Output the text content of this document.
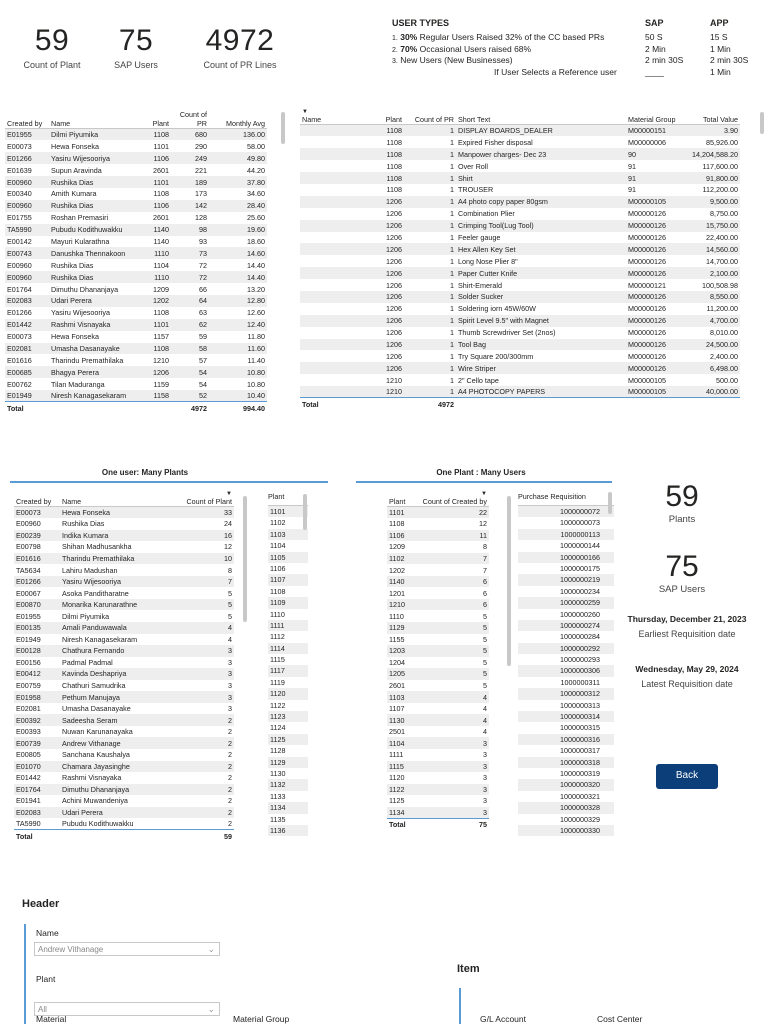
59
Count of Plant
75
SAP Users
4972
Count of PR Lines
USER TYPES	SAP	APP
1. 30% Regular Users Raised 32% of the CC based PRs	50 S	15 S
2. 70% Occasional Users raised 68%	2 Min	1 Min
3. New Users (New Businesses)	2 min 30S	2 min 30S
If User Selects a Reference user	____	1 Min
Created by	Name	Plant	Count of PR	Monthly Avg
E01955	Dilmi Piyumika	1108	680	136.00
E00073	Hewa Fonseka	1101	290	58.00
E01266	Yasiru Wijesooriya	1106	249	49.80
E01639	Supun Aravinda	2601	221	44.20
E00960	Rushika Dias	1101	189	37.80
E00340	Amith Kumara	1108	173	34.60
E00960	Rushika Dias	1106	142	28.40
E01755	Roshan Premasiri	2601	128	25.60
TA5990	Pubudu Kodithuwakku	1140	98	19.60
E00142	Mayuri Kularathna	1140	93	18.60
E00743	Danushka Thennakoon	1110	73	14.60
E00960	Rushika Dias	1104	72	14.40
E00960	Rushika Dias	1110	72	14.40
E01764	Dimuthu Dhananjaya	1209	66	13.20
E02083	Udari Perera	1202	64	12.80
E01266	Yasiru Wijesooriya	1108	63	12.60
E01442	Rashmi Visnayaka	1101	62	12.40
E00073	Hewa Fonseka	1157	59	11.80
E02081	Umasha Dasanayake	1108	58	11.60
E01616	Tharindu Premathilaka	1210	57	11.40
E00685	Bhagya Perera	1206	54	10.80
E00762	Tilan Maduranga	1159	54	10.80
E01949	Niresh Kanagasekaram	1158	52	10.40
Total			4972	994.40
▼
Name	Plant	Count of PR	Short Text	Material Group	Total Value
	1108	1	DISPLAY BOARDS_DEALER	M00000151	3.90
	1108	1	Expired Fisher disposal	M00000006	85,926.00
	1108	1	Manpower charges- Dec 23	90	14,204,588.20
	1108	1	Over Roll	91	117,600.00
	1108	1	Shirt	91	91,800.00
	1108	1	TROUSER	91	112,200.00
	1206	1	A4 photo copy paper 80gsm	M00000105	9,500.00
	1206	1	Combination Plier	M00000126	8,750.00
	1206	1	Crimping Tool(Lug Tool)	M00000126	15,750.00
	1206	1	Feeler gauge	M00000126	22,400.00
	1206	1	Hex Allen Key Set	M00000126	14,560.00
	1206	1	Long Nose Plier 8"	M00000126	14,700.00
	1206	1	Paper Cutter Knife	M00000126	2,100.00
	1206	1	Shirt-Emerald	M00000121	100,508.98
	1206	1	Solder Sucker	M00000126	8,550.00
	1206	1	Soldering iorn 45W/60W	M00000126	11,200.00
	1206	1	Spirit Level 9.5" with Magnet	M00000126	4,700.00
	1206	1	Thumb Screwdriver Set (2nos)	M00000126	8,010.00
	1206	1	Tool Bag	M00000126	24,500.00
	1206	1	Try Square 200/300mm	M00000126	2,400.00
	1206	1	Wire Striper	M00000126	6,498.00
	1210	1	2" Cello tape	M00000105	500.00
	1210	1	A4 PHOTOCOPY PAPERS	M00000105	40,000.00
Total		4972			
One user: Many Plants	One Plant : Many Users
Created by	Name	▼
Count of Plant
E00073	Hewa Fonseka	33
E00960	Rushika Dias	24
E00239	Indika Kumara	16
E00798	Shihan Madhusankha	12
E01616	Tharindu Premathilaka	10
TA5634	Lahiru Madushan	8
E01266	Yasiru Wijesooriya	7
E00067	Asoka Panditharatne	5
E00870	Monarika Karunarathne	5
E01955	Dilmi Piyumika	5
E00135	Amali Panduwawala	4
E01949	Niresh Kanagasekaram	4
E00128	Chathura Fernando	3
E00156	Padmal Padmal	3
E00412	Kavinda Deshapriya	3
E00759	Chathuri Samudrika	3
E01958	Pethum Manujaya	3
E02081	Umasha Dasanayake	3
E00392	Sadeesha Seram	2
E00393	Nuwan Karunanayaka	2
E00739	Andrew Vithanage	2
E00805	Sanchana Kaushalya	2
E01070	Chamara Jayasinghe	2
E01442	Rashmi Visnayaka	2
E01764	Dimuthu Dhananjaya	2
E01941	Achini Muwandeniya	2
E02083	Udari Perera	2
TA5990	Pubudu Kodithuwakku	2
Total		59
Plant
1101
1102
1103
1104
1105
1106
1107
1108
1109
1110
1111
1112
1114
1115
1117
1119
1120
1122
1123
1124
1125
1128
1129
1130
1132
1133
1134
1135
1136
Plant	▼
Count of Created by
1101	22
1108	12
1106	11
1209	8
1102	7
1202	7
1140	6
1201	6
1210	6
1110	5
1129	5
1155	5
1203	5
1204	5
1205	5
2601	5
1103	4
1107	4
1130	4
2501	4
1104	3
1111	3
1115	3
1120	3
1122	3
1125	3
1134	3
Total	75
Purchase Requisition
1000000072
1000000073
1000000113
1000000144
1000000166
1000000175
1000000219
1000000234
1000000259
1000000260
1000000274
1000000284
1000000292
1000000293
1000000306
1000000311
1000000312
1000000313
1000000314
1000000315
1000000316
1000000317
1000000318
1000000319
1000000320
1000000321
1000000328
1000000329
1000000330
59
Plants
75
SAP Users
Thursday, December 21, 2023
Earliest Requisition date
Wednesday, May 29, 2024
Latest Requisition date
Back
Header
Name
Andrew Vithanage	⌄
Plant
All	⌄
Material	Material Group
Item
G/L Account	Cost Center
